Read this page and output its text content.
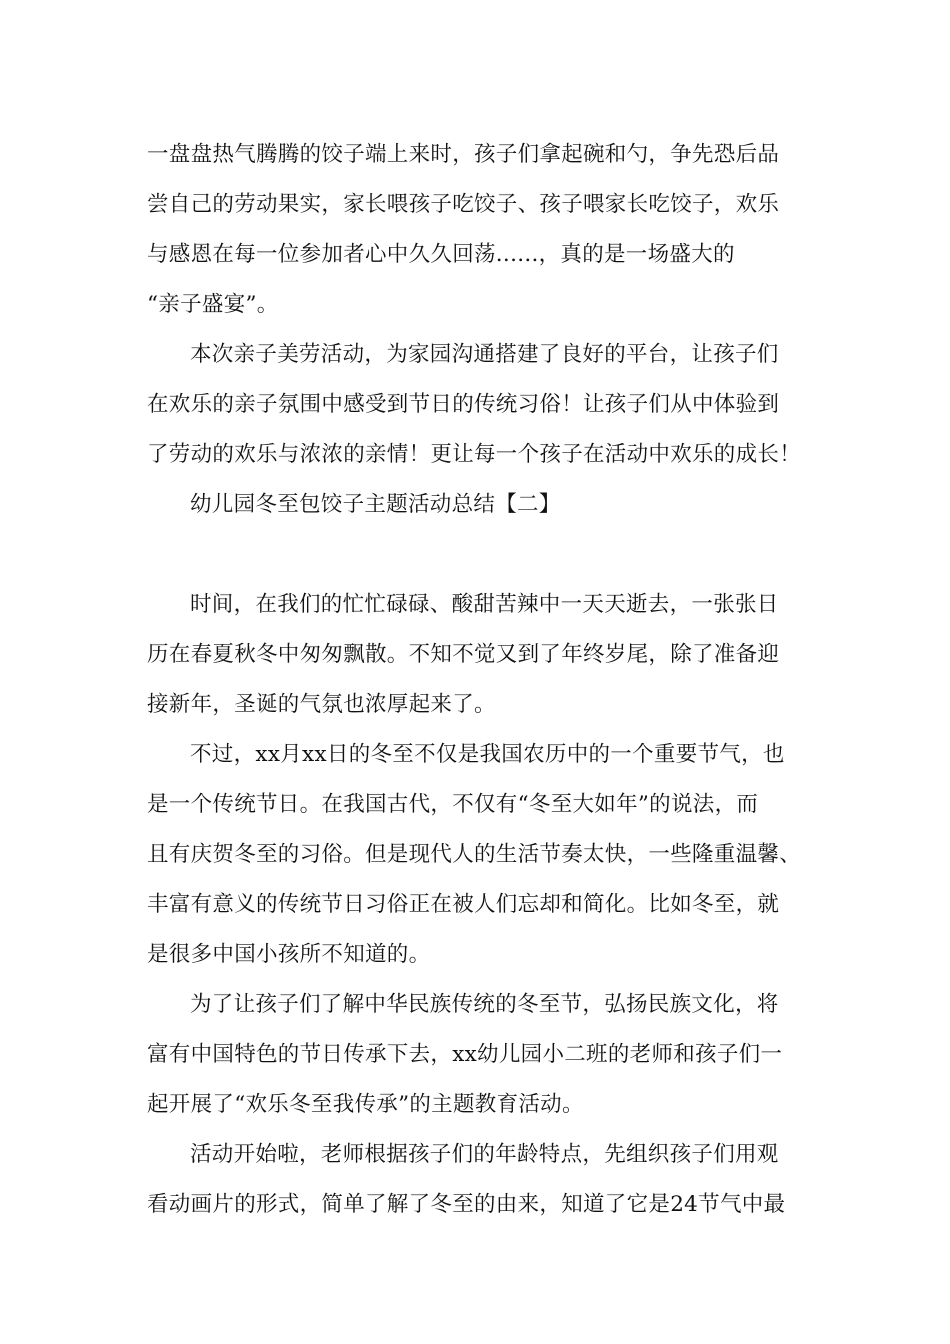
一盘盘热气腾腾的饺子端上来时，孩子们拿起碗和勺，争先恐后品
尝自己的劳动果实，家长喂孩子吃饺子、孩子喂家长吃饺子，欢乐
与感恩在每一位参加者心中久久回荡......，真的是一场盛大的
“亲子盛宴”。
本次亲子美劳活动，为家园沟通搭建了良好的平台，让孩子们
在欢乐的亲子氛围中感受到节日的传统习俗！让孩子们从中体验到
了劳动的欢乐与浓浓的亲情！更让每一个孩子在活动中欢乐的成长！
幼儿园冬至包饺子主题活动总结【二】
时间，在我们的忙忙碌碌、酸甜苦辣中一天天逝去，一张张日
历在春夏秋冬中匆匆飘散。不知不觉又到了年终岁尾，除了准备迎
接新年，圣诞的气氛也浓厚起来了。
不过，xx月xx日的冬至不仅是我国农历中的一个重要节气，也
是一个传统节日。在我国古代，不仅有“冬至大如年”的说法，而
且有庆贺冬至的习俗。但是现代人的生活节奏太快，一些隆重温馨、
丰富有意义的传统节日习俗正在被人们忘却和简化。比如冬至，就
是很多中国小孩所不知道的。
为了让孩子们了解中华民族传统的冬至节，弘扬民族文化，将
富有中国特色的节日传承下去，xx幼儿园小二班的老师和孩子们一
起开展了“欢乐冬至我传承”的主题教育活动。
活动开始啦，老师根据孩子们的年龄特点，先组织孩子们用观
看动画片的形式，简单了解了冬至的由来，知道了它是24节气中最
